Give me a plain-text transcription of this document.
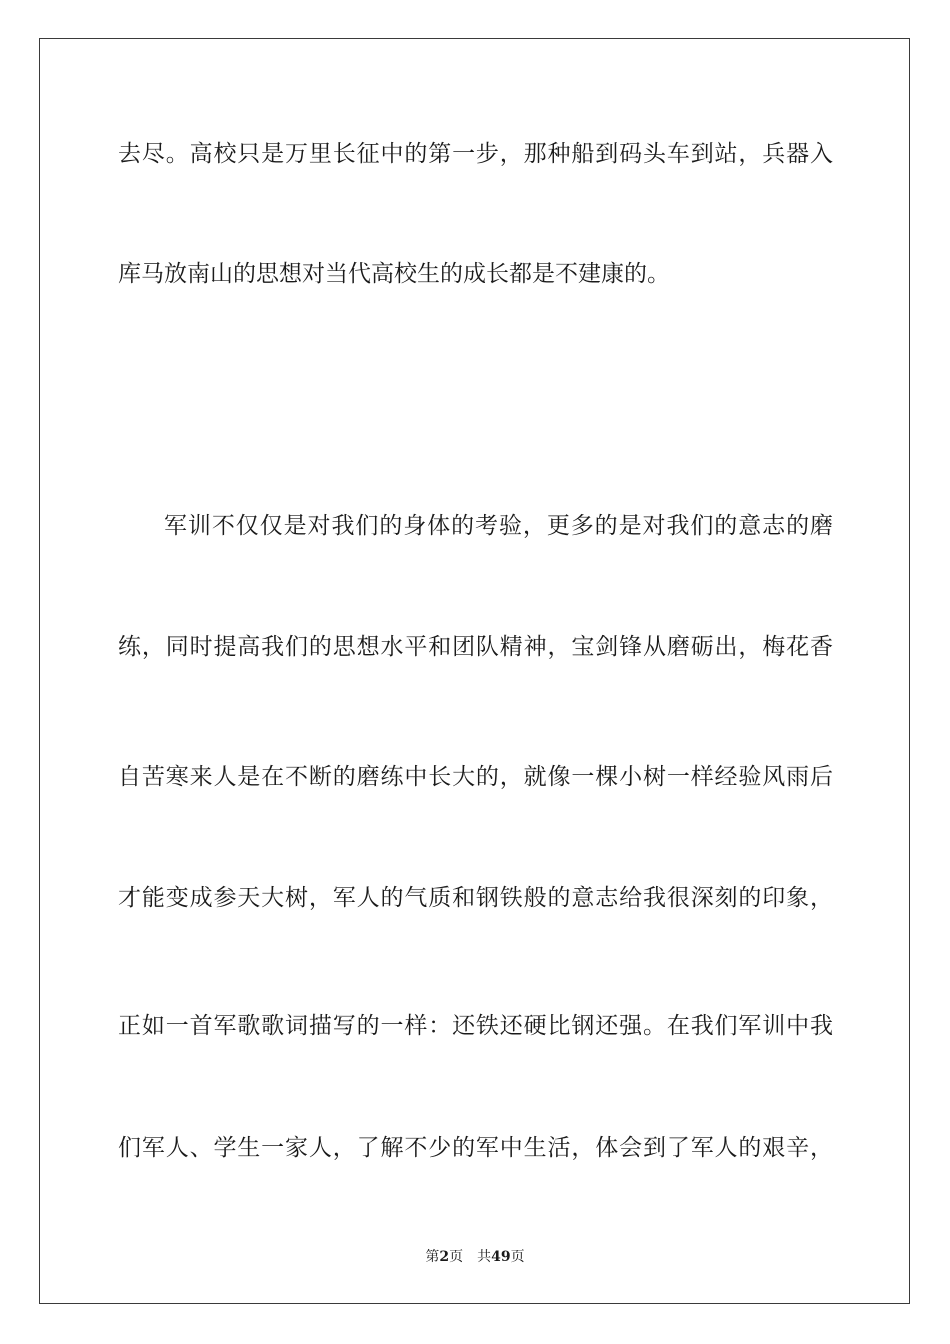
去尽。高校只是万里长征中的第一步，那种船到码头车到站，兵器入
库马放南山的思想对当代高校生的成长都是不建康的。
军训不仅仅是对我们的身体的考验，更多的是对我们的意志的磨
练，同时提高我们的思想水平和团队精神，宝剑锋从磨砺出，梅花香
自苦寒来人是在不断的磨练中长大的，就像一棵小树一样经验风雨后
才能变成参天大树，军人的气质和钢铁般的意志给我很深刻的印象，
正如一首军歌歌词描写的一样：还铁还硬比钢还强。在我们军训中我
们军人、学生一家人，了解不少的军中生活，体会到了军人的艰辛，
第2页 共49页
